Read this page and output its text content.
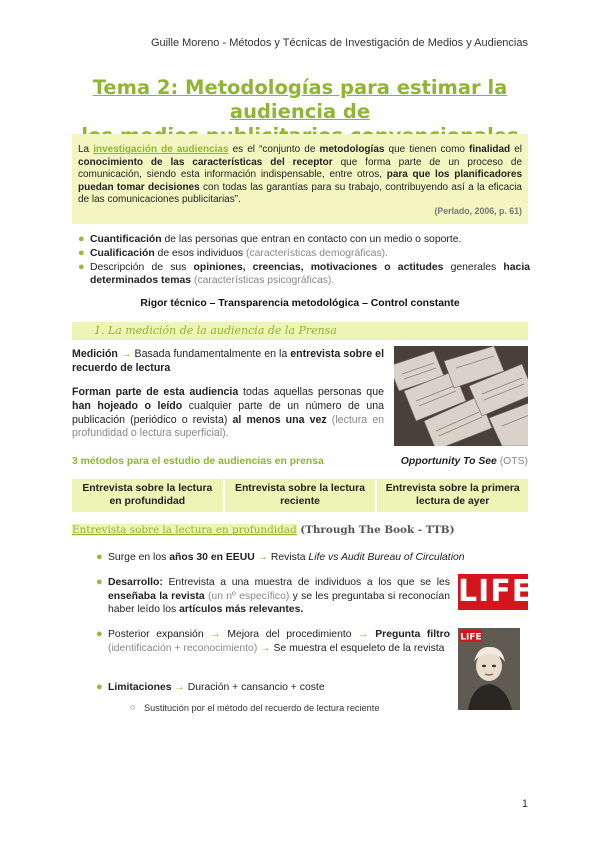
Guille Moreno - Métodos y Técnicas de Investigación de Medios y Audiencias
Tema 2: Metodologías para estimar la audiencia de

La investigación de audiencias es el “conjunto de metodologías que tienen como finalidad el conocimiento de las características del receptor que forma parte de un proceso de comunicación, siendo esta información indispensable, entre otros, para que los planificadores puedan tomar decisiones con todas las garantías para su trabajo, contribuyendo así a la eficacia de las comunicaciones publicitarias”.
(Perlado, 2006, p. 61)
● Cuantificación de las personas que entran en contacto con un medio o soporte.
● Cualificación de esos individuos (características demográficas).
● Descripción de sus opiniones, creencias, motivaciones o actitudes generales hacia determinados temas (características psicográficas).
Rigor técnico – Transparencia metodológica – Control constante
1. La medición de la audiencia de la Prensa
Medición → Basada fundamentalmente en la entrevista sobre el recuerdo de lectura
Forman parte de esta audiencia todas aquellas personas que han hojeado o leído cualquier parte de un número de una publicación (periódico o revista) al menos una vez (lectura en profundidad o lectura superficial).
3 métodos para el estudio de audiencias en prensa	Opportunity To See (OTS)
Entrevista sobre la lectura en profundidad
Entrevista sobre la lectura reciente
Entrevista sobre la primera lectura de ayer
Entrevista sobre la lectura en profundidad (Through The Book - TTB)
● Surge en los años 30 en EEUU → Revista Life vs Audit Bureau of Circulation
● Desarrollo: Entrevista a una muestra de individuos a los que se les enseñaba la revista (un nº específico) y se les preguntaba si reconocían haber leído los artículos más relevantes.
LIFE
● Posterior expansión → Mejora del procedimiento → Pregunta filtro (identificación + reconocimiento) → Se muestra el esqueleto de la revista
LIFE
● Limitaciones → Duración + cansancio + coste
○ Sustitución por el método del recuerdo de lectura reciente
1
